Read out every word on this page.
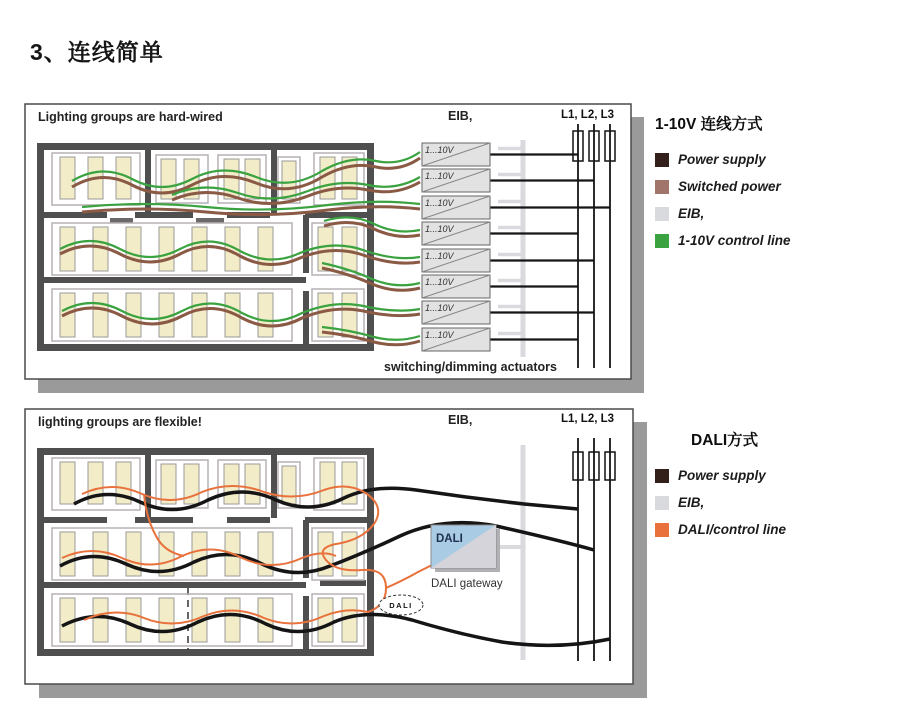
3、连线简单
Lighting groups are hard-wired	EIB,	L1, L2, L3
1...10V
1...10V
1...10V
1...10V
1...10V
1...10V
1...10V
1...10V
switching/dimming actuators

1-10V 连线方式

Power supply
Switched power
EIB,
1-10V control line
lighting groups are flexible!	EIB,	L1, L2, L3
DALI
DALI gateway
DALI

DALI方式

Power supply
EIB,
DALI/control line
